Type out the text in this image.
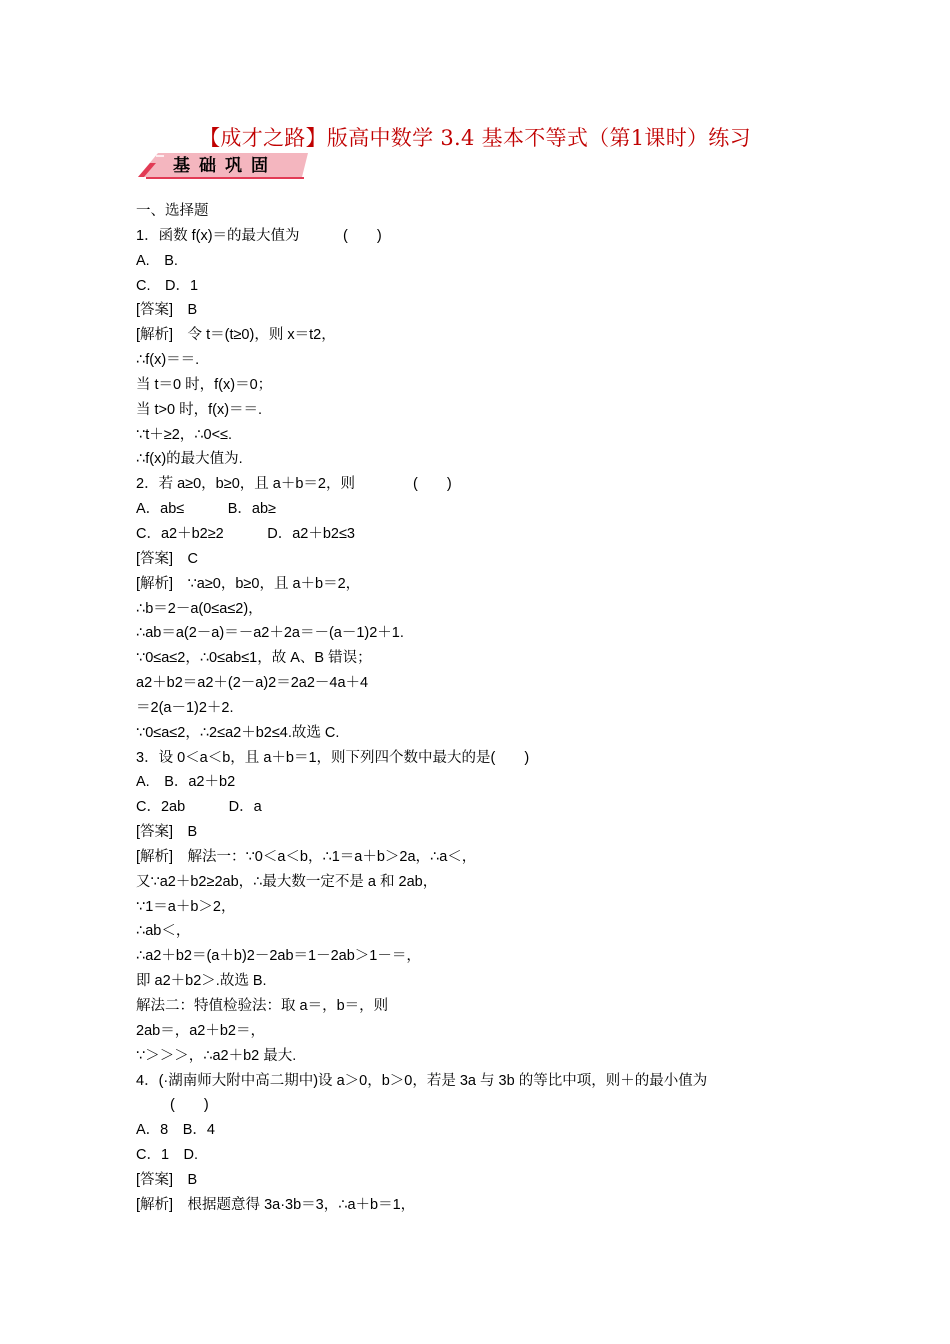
【成才之路】版高中数学 3.4 基本不等式（第1课时）练习
基础巩固
一、选择题
1．函数 f(x)＝的最大值为　　　(　　)
A.　B.
C.　D．1
[答案]　B
[解析]　令 t＝(t≥0)，则 x＝t2，
∴f(x)＝＝.
当 t＝0 时，f(x)＝0；
当 t>0 时，f(x)＝＝.
∵t＋≥2，∴0<≤.
∴f(x)的最大值为.
2．若 a≥0，b≥0，且 a＋b＝2，则　　　　(　　)
A．ab≤　　　B．ab≥
C．a2＋b2≥2　　　D．a2＋b2≤3
[答案]　C
[解析]　∵a≥0，b≥0，且 a＋b＝2，
∴b＝2－a(0≤a≤2)，
∴ab＝a(2－a)＝－a2＋2a＝－(a－1)2＋1.
∵0≤a≤2，∴0≤ab≤1，故 A、B 错误；
a2＋b2＝a2＋(2－a)2＝2a2－4a＋4
＝2(a－1)2＋2.
∵0≤a≤2，∴2≤a2＋b2≤4.故选 C.
3．设 0＜a＜b，且 a＋b＝1，则下列四个数中最大的是(　　)
A.　B．a2＋b2
C．2ab　　　D．a
[答案]　B
[解析]　解法一：∵0＜a＜b，∴1＝a＋b＞2a，∴a＜，
又∵a2＋b2≥2ab，∴最大数一定不是 a 和 2ab，
∵1＝a＋b＞2，
∴ab＜，
∴a2＋b2＝(a＋b)2－2ab＝1－2ab＞1－＝，
即 a2＋b2＞.故选 B.
解法二：特值检验法：取 a＝，b＝，则
2ab＝，a2＋b2＝，
∵＞＞＞，∴a2＋b2 最大.
4．(·湖南师大附中高二期中)设 a＞0，b＞0，若是 3a 与 3b 的等比中项，则＋的最小值为
(　　)
A．8　B．4
C．1　D.
[答案]　B
[解析]　根据题意得 3a·3b＝3，∴a＋b＝1，
